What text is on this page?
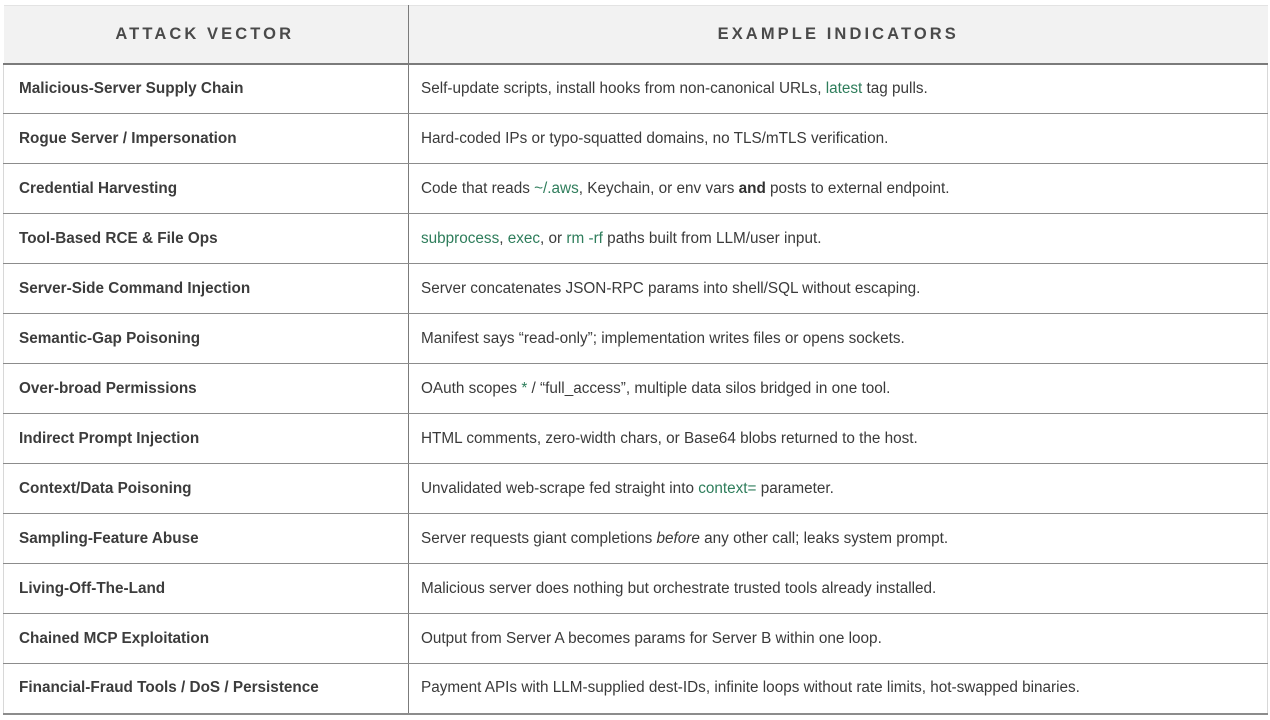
ATTACK VECTOR	EXAMPLE INDICATORS
Malicious-Server Supply Chain	Self-update scripts, install hooks from non-canonical URLs, latest tag pulls.
Rogue Server / Impersonation	Hard-coded IPs or typo-squatted domains, no TLS/mTLS verification.
Credential Harvesting	Code that reads ~/.aws, Keychain, or env vars and posts to external endpoint.
Tool-Based RCE & File Ops	subprocess, exec, or rm -rf paths built from LLM/user input.
Server-Side Command Injection	Server concatenates JSON-RPC params into shell/SQL without escaping.
Semantic-Gap Poisoning	Manifest says “read-only”; implementation writes files or opens sockets.
Over-broad Permissions	OAuth scopes * / “full_access”, multiple data silos bridged in one tool.
Indirect Prompt Injection	HTML comments, zero-width chars, or Base64 blobs returned to the host.
Context/Data Poisoning	Unvalidated web-scrape fed straight into context= parameter.
Sampling-Feature Abuse	Server requests giant completions before any other call; leaks system prompt.
Living-Off-The-Land	Malicious server does nothing but orchestrate trusted tools already installed.
Chained MCP Exploitation	Output from Server A becomes params for Server B within one loop.
Financial-Fraud Tools / DoS / Persistence	Payment APIs with LLM-supplied dest-IDs, infinite loops without rate limits, hot-swapped binaries.
